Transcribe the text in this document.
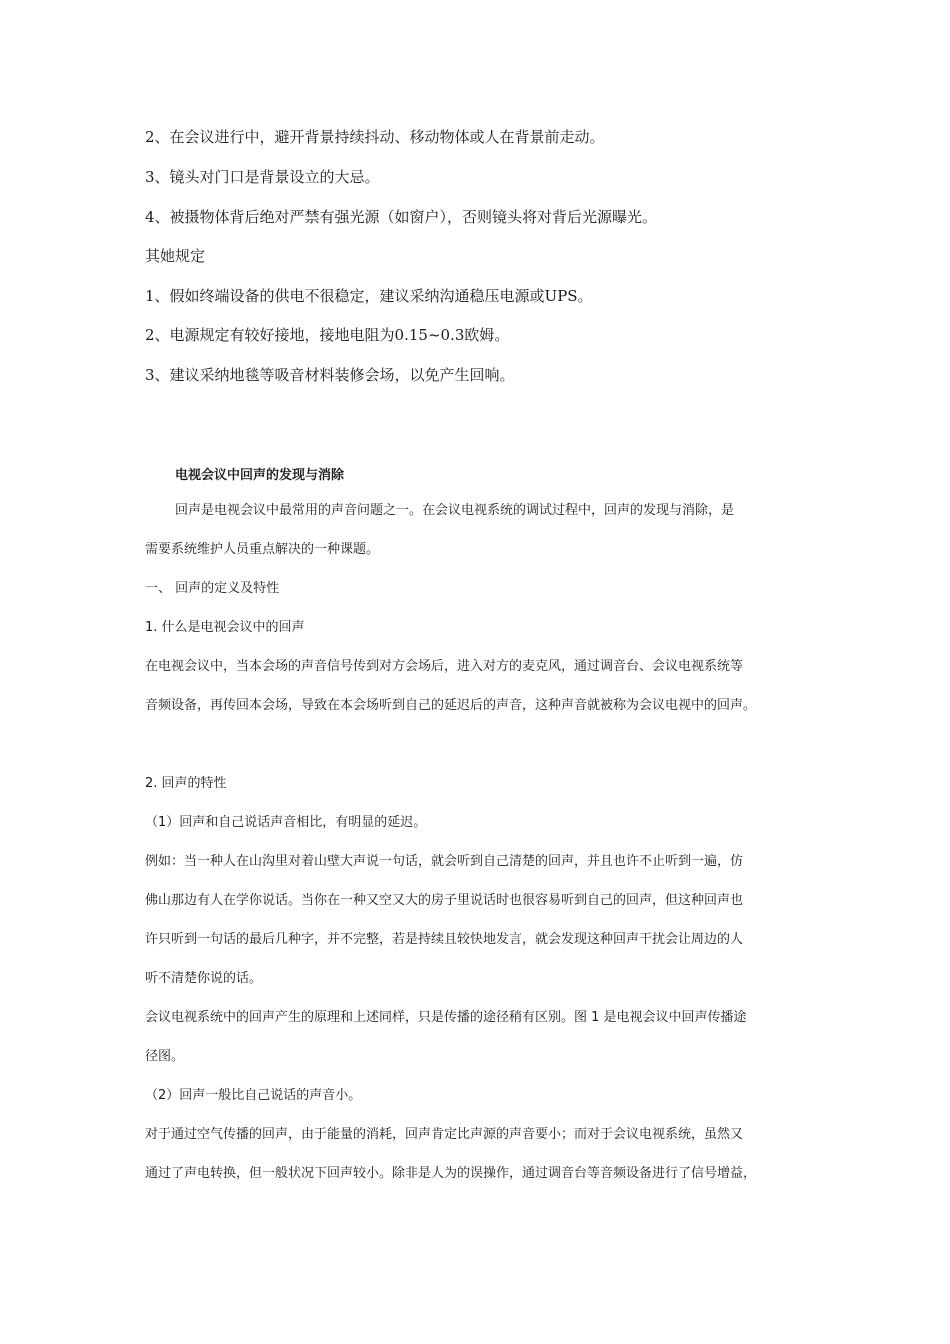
2、在会议进行中，避开背景持续抖动、移动物体或人在背景前走动。
3、镜头对门口是背景设立的大忌。
4、被摄物体背后绝对严禁有强光源（如窗户），否则镜头将对背后光源曝光。
其她规定
1、假如终端设备的供电不很稳定，建议采纳沟通稳压电源或UPS。
2、电源规定有较好接地，接地电阻为0.15~0.3欧姆。
3、建议采纳地毯等吸音材料装修会场，以免产生回响。
电视会议中回声的发现与消除
回声是电视会议中最常用的声音问题之一。在会议电视系统的调试过程中，回声的发现与消除，是
需要系统维护人员重点解决的一种课题。
一、 回声的定义及特性
1. 什么是电视会议中的回声
在电视会议中，当本会场的声音信号传到对方会场后，进入对方的麦克风，通过调音台、会议电视系统等
音频设备，再传回本会场，导致在本会场听到自己的延迟后的声音，这种声音就被称为会议电视中的回声。
2. 回声的特性
（1）回声和自己说话声音相比，有明显的延迟。
例如：当一种人在山沟里对着山壁大声说一句话，就会听到自己清楚的回声，并且也许不止听到一遍，仿
佛山那边有人在学你说话。当你在一种又空又大的房子里说话时也很容易听到自己的回声，但这种回声也
许只听到一句话的最后几种字，并不完整，若是持续且较快地发言，就会发现这种回声干扰会让周边的人
听不清楚你说的话。
会议电视系统中的回声产生的原理和上述同样，只是传播的途径稍有区别。图 1 是电视会议中回声传播途
径图。
（2）回声一般比自己说话的声音小。
对于通过空气传播的回声，由于能量的消耗，回声肯定比声源的声音要小；而对于会议电视系统，虽然又
通过了声电转换，但一般状况下回声较小。除非是人为的误操作，通过调音台等音频设备进行了信号增益，
